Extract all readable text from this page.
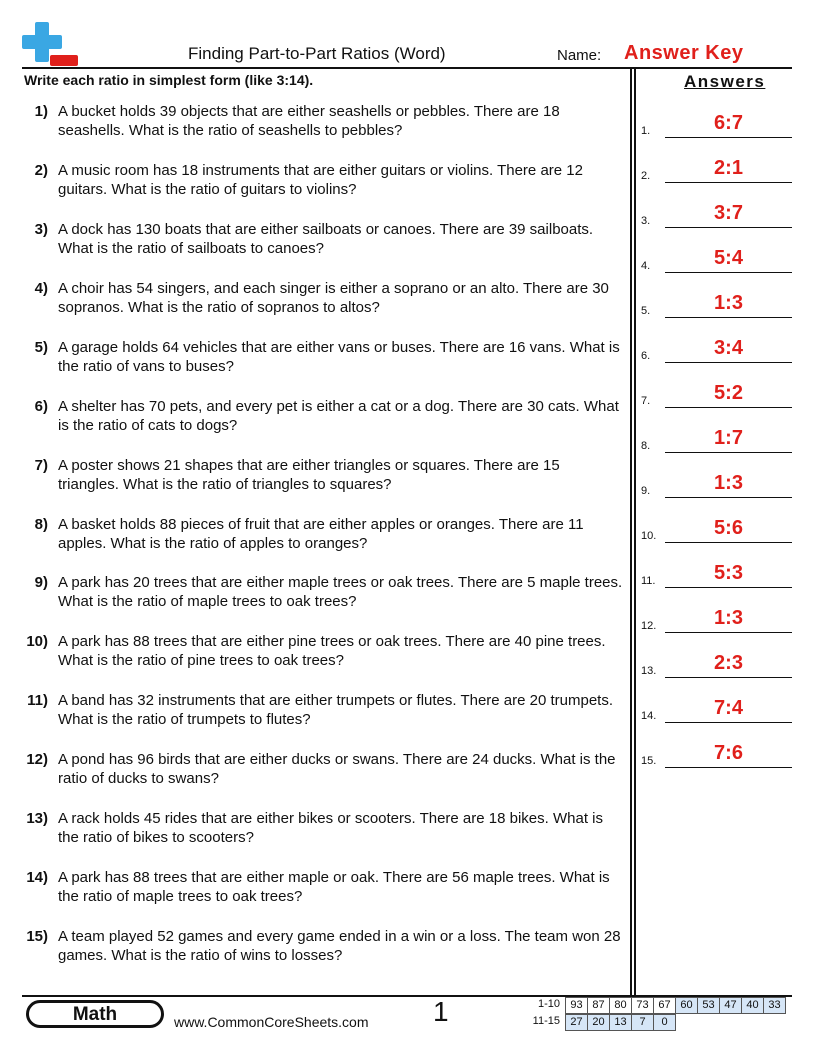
Finding Part-to-Part Ratios (Word)	Name: Answer Key
Write each ratio in simplest form (like 3:14).	Answers
1) A bucket holds 39 objects that are either seashells or pebbles. There are 18 seashells. What is the ratio of seashells to pebbles?
2) A music room has 18 instruments that are either guitars or violins. There are 12 guitars. What is the ratio of guitars to violins?
3) A dock has 130 boats that are either sailboats or canoes. There are 39 sailboats. What is the ratio of sailboats to canoes?
4) A choir has 54 singers, and each singer is either a soprano or an alto. There are 30 sopranos. What is the ratio of sopranos to altos?
5) A garage holds 64 vehicles that are either vans or buses. There are 16 vans. What is the ratio of vans to buses?
6) A shelter has 70 pets, and every pet is either a cat or a dog. There are 30 cats. What is the ratio of cats to dogs?
7) A poster shows 21 shapes that are either triangles or squares. There are 15 triangles. What is the ratio of triangles to squares?
8) A basket holds 88 pieces of fruit that are either apples or oranges. There are 11 apples. What is the ratio of apples to oranges?
9) A park has 20 trees that are either maple trees or oak trees. There are 5 maple trees. What is the ratio of maple trees to oak trees?
10) A park has 88 trees that are either pine trees or oak trees. There are 40 pine trees. What is the ratio of pine trees to oak trees?
11) A band has 32 instruments that are either trumpets or flutes. There are 20 trumpets. What is the ratio of trumpets to flutes?
12) A pond has 96 birds that are either ducks or swans. There are 24 ducks. What is the ratio of ducks to swans?
13) A rack holds 45 rides that are either bikes or scooters. There are 18 bikes. What is the ratio of bikes to scooters?
14) A park has 88 trees that are either maple or oak. There are 56 maple trees. What is the ratio of maple trees to oak trees?
15) A team played 52 games and every game ended in a win or a loss. The team won 28 games. What is the ratio of wins to losses?
1.	6:7
2.	2:1
3.	3:7
4.	5:4
5.	1:3
6.	3:4
7.	5:2
8.	1:7
9.	1:3
10.	5:6
11.	5:3
12.	1:3
13.	2:3
14.	7:4
15.	7:6
Math	www.CommonCoreSheets.com 1	1-10 93	87	80	73	67	60	53	47	40	33
11-15 27	20	13	7	0
